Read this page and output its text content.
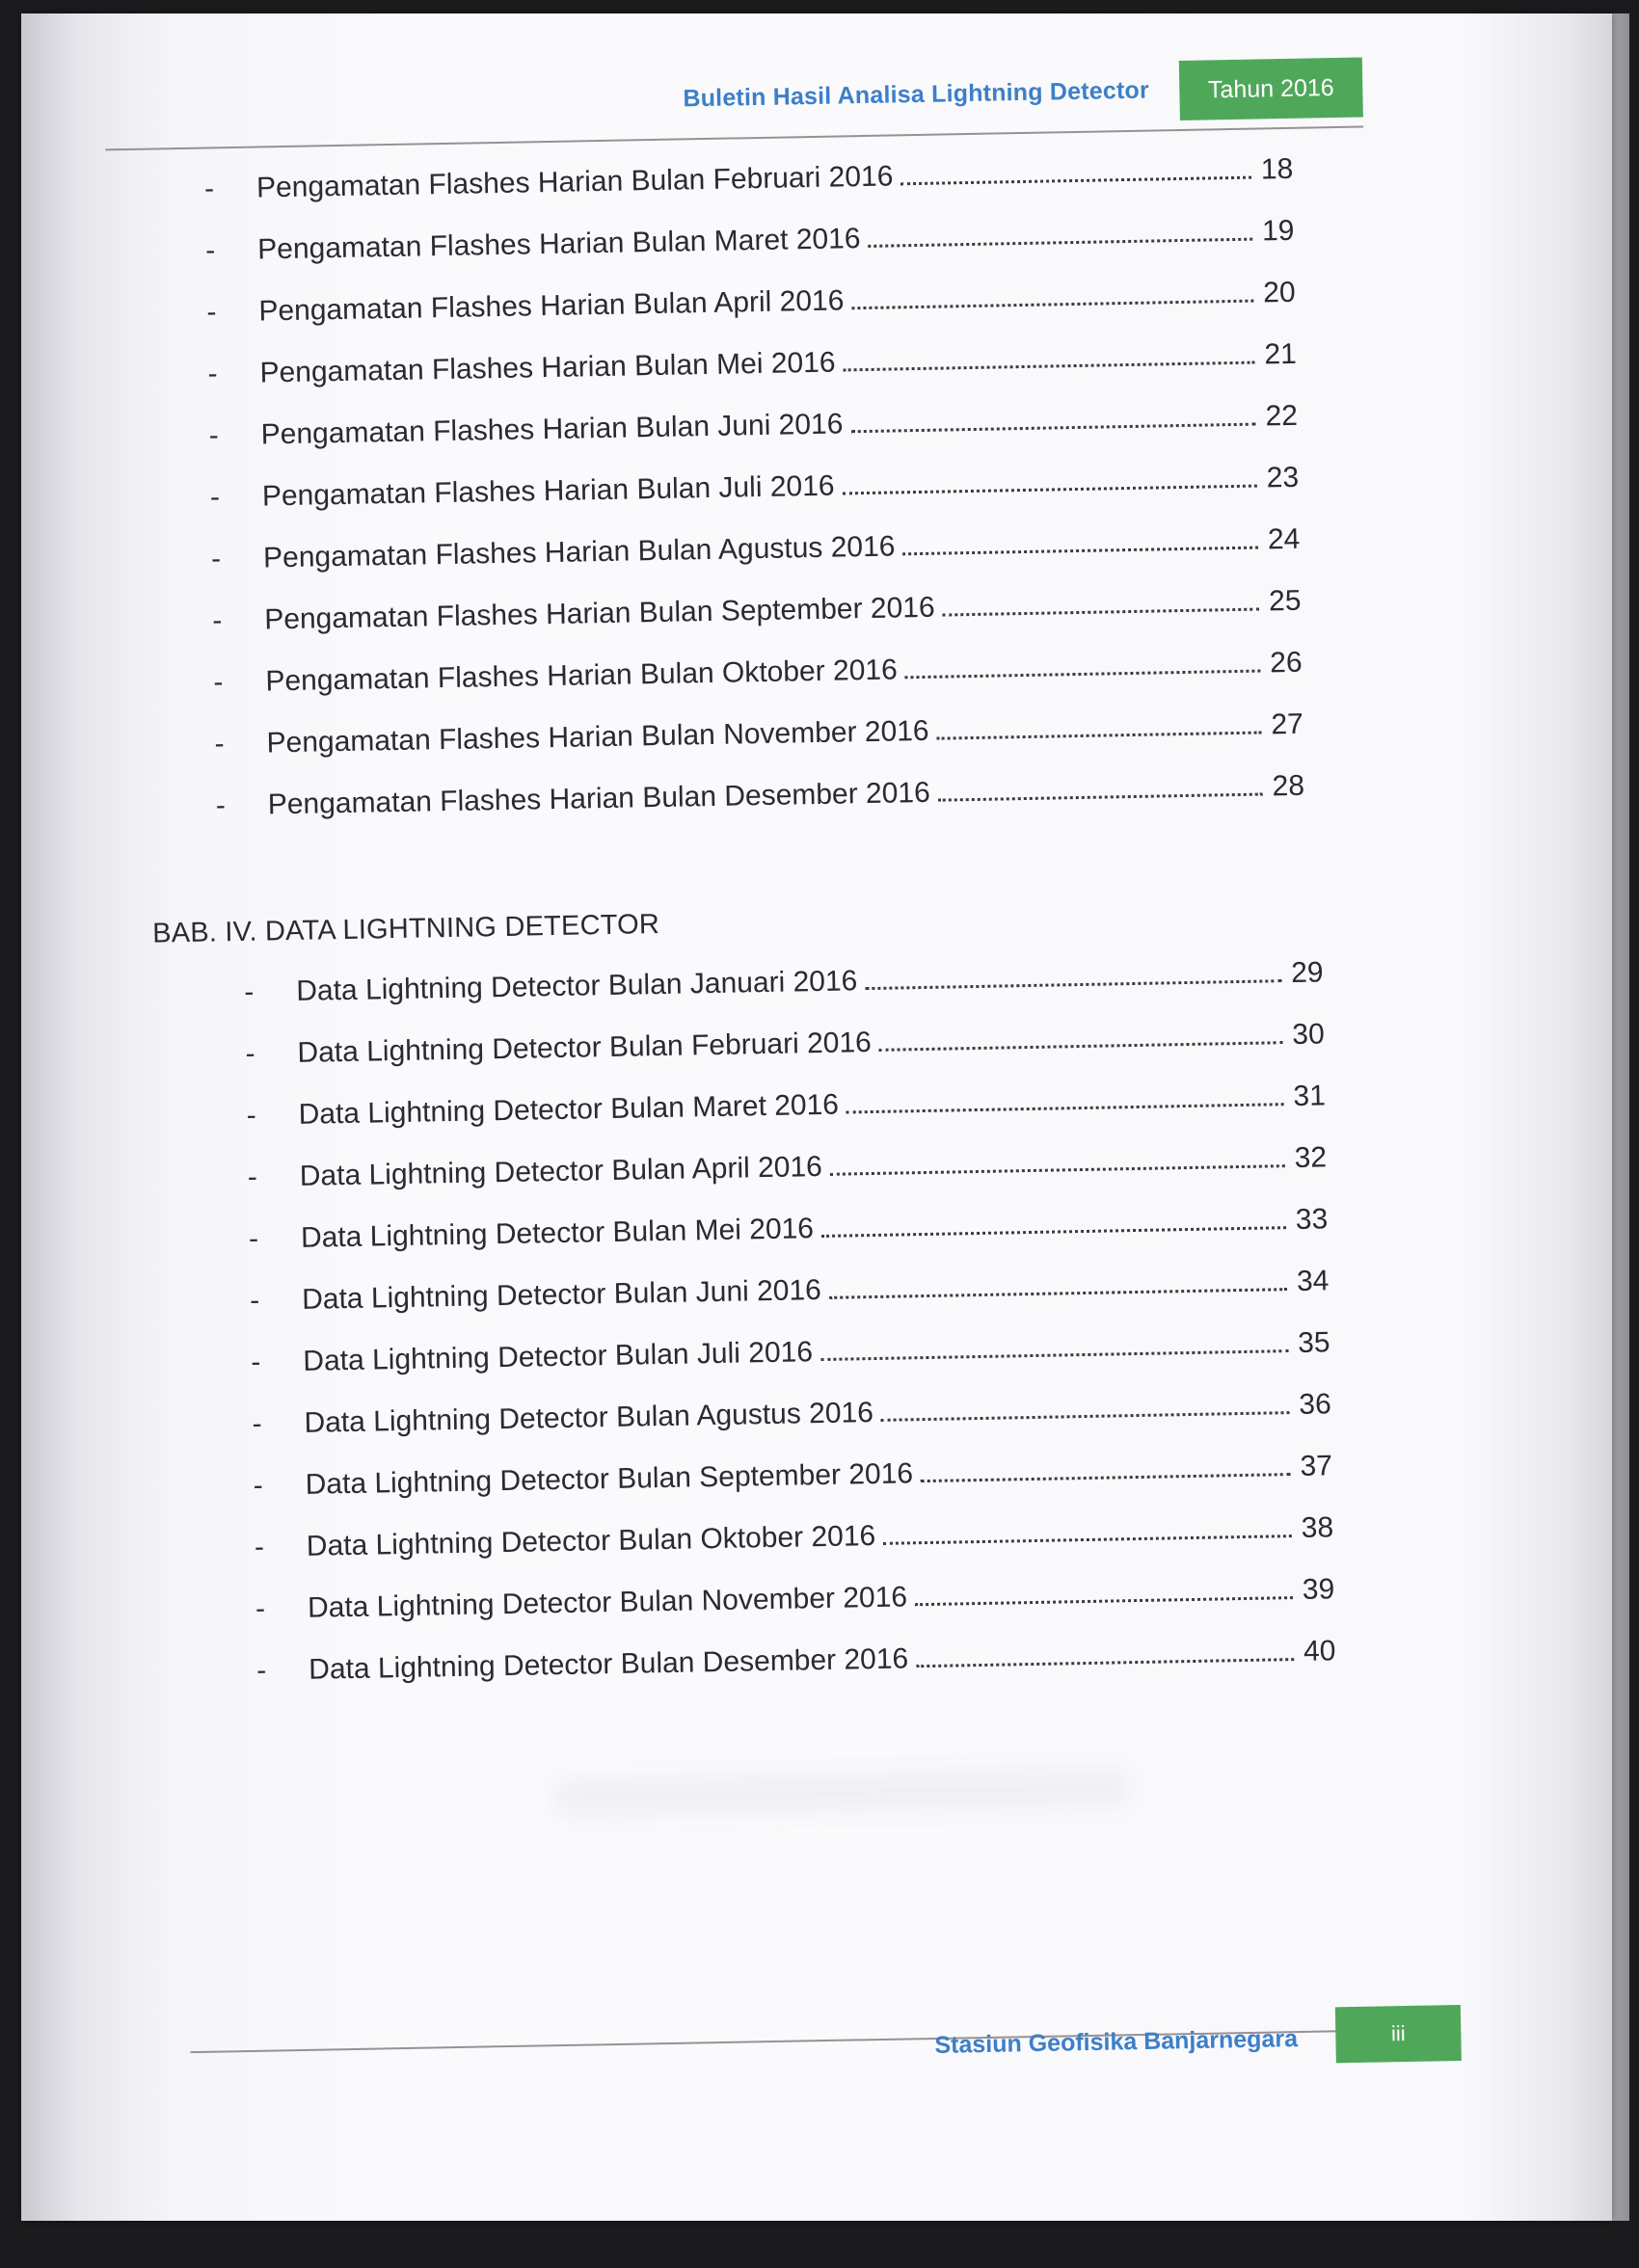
Buletin Hasil Analisa Lightning Detector	Tahun 2016
-	Pengamatan Flashes Harian Bulan Februari 2016	18
-	Pengamatan Flashes Harian Bulan Maret 2016	19
-	Pengamatan Flashes Harian Bulan April 2016	20
-	Pengamatan Flashes Harian Bulan Mei 2016	21
-	Pengamatan Flashes Harian Bulan Juni 2016	22
-	Pengamatan Flashes Harian Bulan Juli 2016	23
-	Pengamatan Flashes Harian Bulan Agustus 2016	24
-	Pengamatan Flashes Harian Bulan September 2016	25
-	Pengamatan Flashes Harian Bulan Oktober 2016	26
-	Pengamatan Flashes Harian Bulan November 2016	27
-	Pengamatan Flashes Harian Bulan Desember 2016	28
BAB. IV. DATA LIGHTNING DETECTOR
-	Data Lightning Detector Bulan Januari 2016	29
-	Data Lightning Detector Bulan Februari 2016	30
-	Data Lightning Detector Bulan Maret 2016	31
-	Data Lightning Detector Bulan April 2016	32
-	Data Lightning Detector Bulan Mei 2016	33
-	Data Lightning Detector Bulan Juni 2016	34
-	Data Lightning Detector Bulan Juli 2016	35
-	Data Lightning Detector Bulan Agustus 2016	36
-	Data Lightning Detector Bulan September 2016	37
-	Data Lightning Detector Bulan Oktober 2016	38
-	Data Lightning Detector Bulan November 2016	39
-	Data Lightning Detector Bulan Desember 2016	40
Stasiun Geofisika Banjarnegara	iii
